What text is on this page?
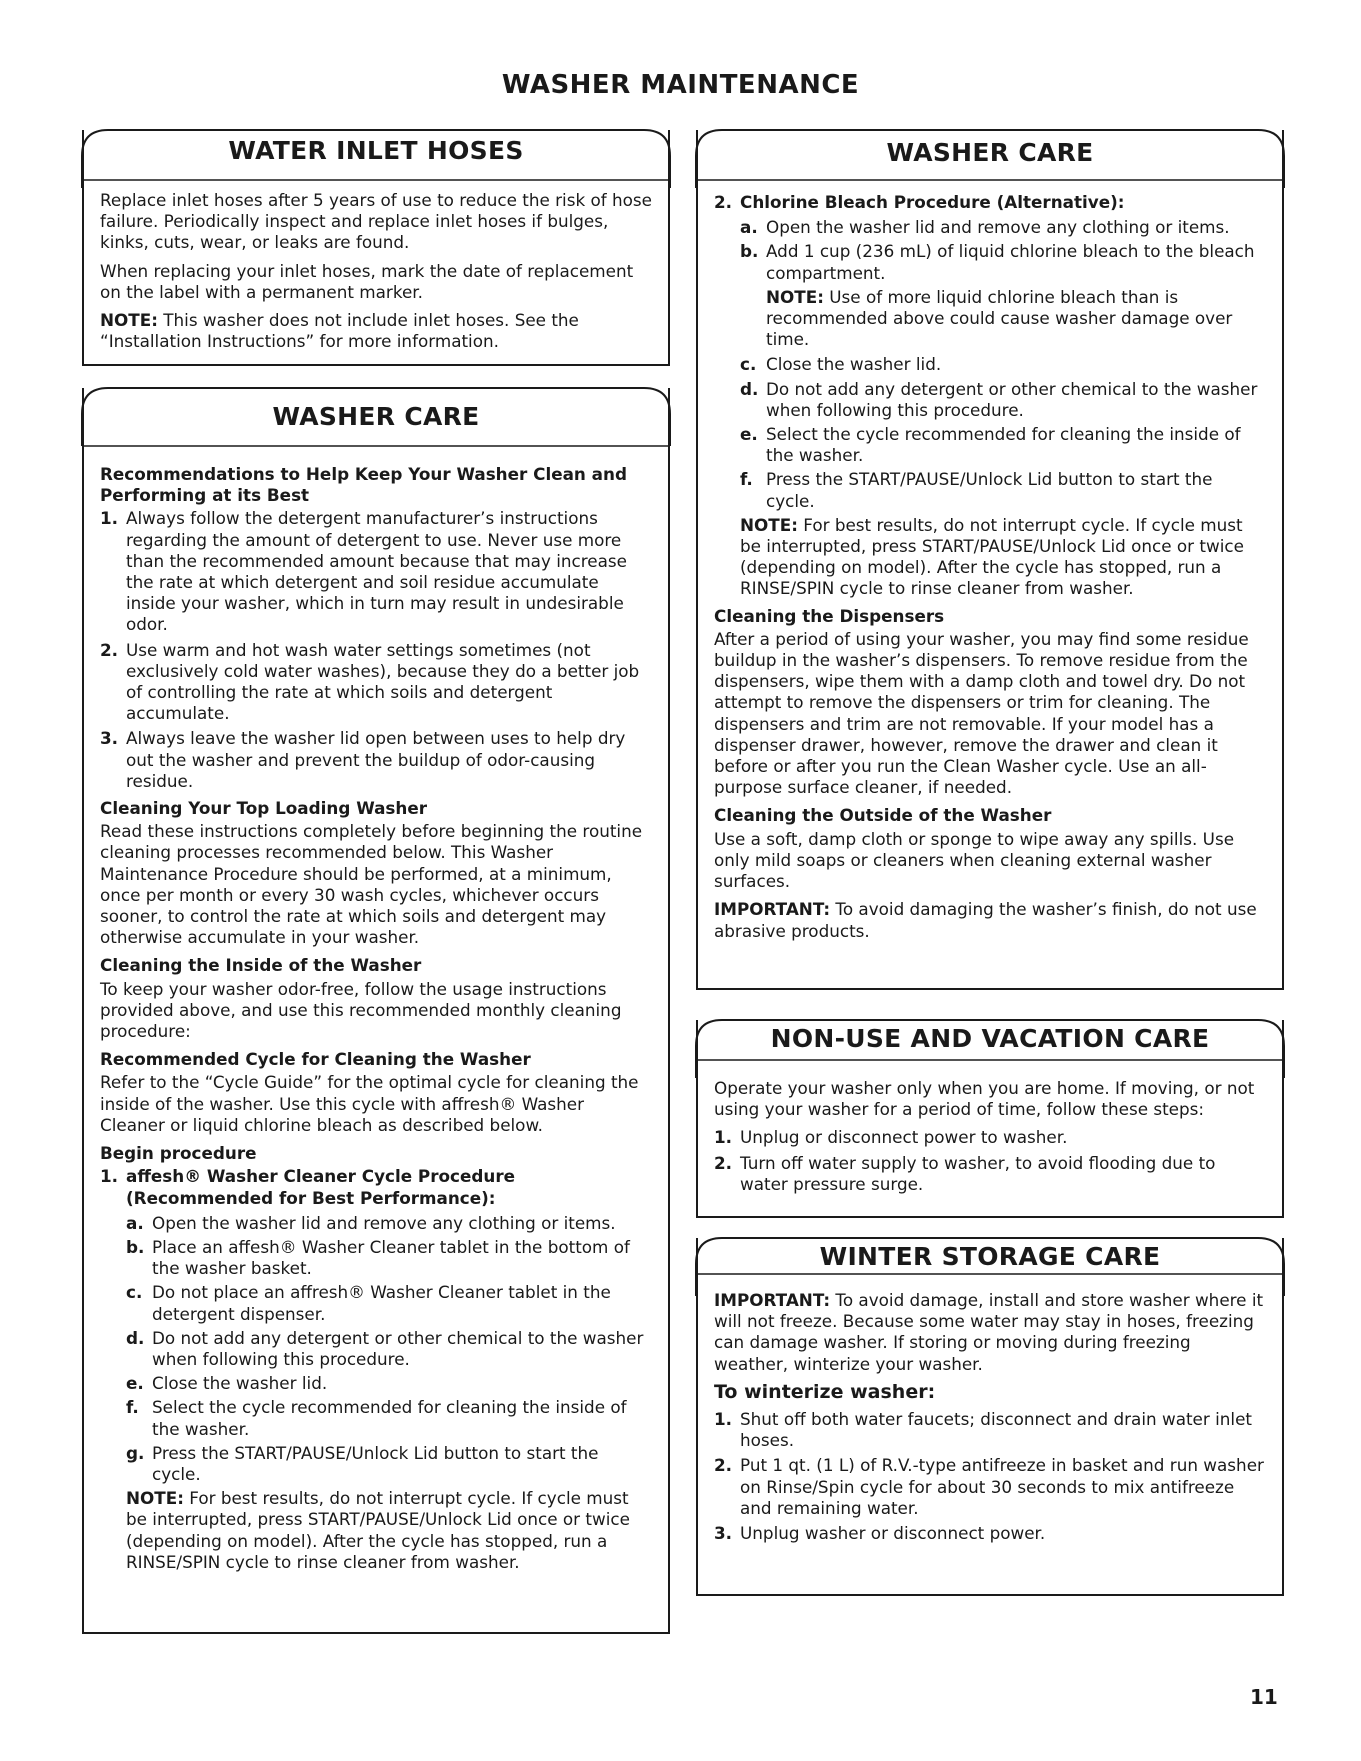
WASHER MAINTENANCE
WATER INLET HOSES

Replace inlet hoses after 5 years of use to reduce the risk of hose failure. Periodically inspect and replace inlet hoses if bulges, kinks, cuts, wear, or leaks are found.

When replacing your inlet hoses, mark the date of replacement on the label with a permanent marker.

NOTE: This washer does not include inlet hoses. See the “Installation Instructions” for more information.

WASHER CARE
Recommendations to Help Keep Your Washer Clean and Performing at its Best
1. Always follow the detergent manufacturer’s instructions regarding the amount of detergent to use. Never use more than the recommended amount because that may increase the rate at which detergent and soil residue accumulate inside your washer, which in turn may result in undesirable odor.
2. Use warm and hot wash water settings sometimes (not exclusively cold water washes), because they do a better job of controlling the rate at which soils and detergent accumulate.
3. Always leave the washer lid open between uses to help dry out the washer and prevent the buildup of odor-causing residue.
Cleaning Your Top Loading Washer

Read these instructions completely before beginning the routine cleaning processes recommended below. This Washer Maintenance Procedure should be performed, at a minimum, once per month or every 30 wash cycles, whichever occurs sooner, to control the rate at which soils and detergent may otherwise accumulate in your washer.

Cleaning the Inside of the Washer

To keep your washer odor-free, follow the usage instructions provided above, and use this recommended monthly cleaning procedure:

Recommended Cycle for Cleaning the Washer

Refer to the “Cycle Guide” for the optimal cycle for cleaning the inside of the washer. Use this cycle with affresh® Washer Cleaner or liquid chlorine bleach as described below.

Begin procedure
1. affesh® Washer Cleaner Cycle Procedure (Recommended for Best Performance):
a. Open the washer lid and remove any clothing or items.
b. Place an affesh® Washer Cleaner tablet in the bottom of the washer basket.
c. Do not place an affresh® Washer Cleaner tablet in the detergent dispenser.
d. Do not add any detergent or other chemical to the washer when following this procedure.
e. Close the washer lid.
f. Select the cycle recommended for cleaning the inside of the washer.
g. Press the START/PAUSE/Unlock Lid button to start the cycle.
NOTE: For best results, do not interrupt cycle. If cycle must be interrupted, press START/PAUSE/Unlock Lid once or twice (depending on model). After the cycle has stopped, run a RINSE/SPIN cycle to rinse cleaner from washer.
WASHER CARE
2. Chlorine Bleach Procedure (Alternative):
a. Open the washer lid and remove any clothing or items.
b. Add 1 cup (236 mL) of liquid chlorine bleach to the bleach compartment.
NOTE: Use of more liquid chlorine bleach than is recommended above could cause washer damage over time.
c. Close the washer lid.
d. Do not add any detergent or other chemical to the washer when following this procedure.
e. Select the cycle recommended for cleaning the inside of the washer.
f. Press the START/PAUSE/Unlock Lid button to start the cycle.
NOTE: For best results, do not interrupt cycle. If cycle must be interrupted, press START/PAUSE/Unlock Lid once or twice (depending on model). After the cycle has stopped, run a RINSE/SPIN cycle to rinse cleaner from washer.
Cleaning the Dispensers

After a period of using your washer, you may find some residue buildup in the washer’s dispensers. To remove residue from the dispensers, wipe them with a damp cloth and towel dry. Do not attempt to remove the dispensers or trim for cleaning. The dispensers and trim are not removable. If your model has a dispenser drawer, however, remove the drawer and clean it before or after you run the Clean Washer cycle. Use an all-purpose surface cleaner, if needed.

Cleaning the Outside of the Washer

Use a soft, damp cloth or sponge to wipe away any spills. Use only mild soaps or cleaners when cleaning external washer surfaces.

IMPORTANT: To avoid damaging the washer’s finish, do not use abrasive products.

NON-USE AND VACATION CARE

Operate your washer only when you are home. If moving, or not using your washer for a period of time, follow these steps:

1. Unplug or disconnect power to washer.
2. Turn off water supply to washer, to avoid flooding due to water pressure surge.
WINTER STORAGE CARE

IMPORTANT: To avoid damage, install and store washer where it will not freeze. Because some water may stay in hoses, freezing can damage washer. If storing or moving during freezing weather, winterize your washer.

To winterize washer:
1. Shut off both water faucets; disconnect and drain water inlet hoses.
2. Put 1 qt. (1 L) of R.V.-type antifreeze in basket and run washer on Rinse/Spin cycle for about 30 seconds to mix antifreeze and remaining water.
3. Unplug washer or disconnect power.
11
